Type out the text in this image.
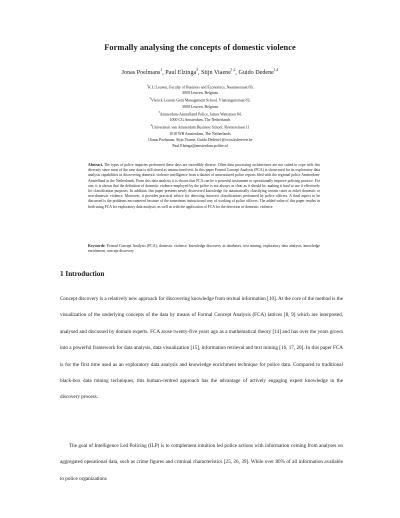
Formally analysing the concepts of domestic violence
Jonas Poelmans$^1$, Paul Elzinga$^3$, Stijn Viaene$^{1,2}$, Guido Dedene$^{1,4}$
$^1$K.U.Leuven, Faculty of Business and Economics, Naamsestraat 69,
3000 Leuven, Belgium
$^2$Vlerick Leuven Gent Management School, Vlamingenstraat 83,
3000 Leuven, Belgium
$^3$Amsterdam-Amstelland Police, James Wattstraat 84,
1000 CG Amsterdam, The Netherlands
$^4$Universiteit van Amsterdam Business School, Roetersstraat 11
1018 WB Amsterdam, The Netherlands
{Jonas.Poelmans, Stijn.Viaene, Guido.Dedene}@econ.kuleuven.be
Paul.Elzinga@amsterdam.politie.nl
Abstract. The types of police inquiries performed these days are incredibly diverse. Often data processing architectures are not suited to cope with this diversity since most of the case data is still stored as unstructured text. In this paper Formal Concept Analysis (FCA) is showcased for its exploratory data analysis capabilities in discovering domestic violence intelligence from a dataset of unstructured police reports filed with the regional police Amsterdam-Amstelland in the Netherlands. From this data analysis it is shown that FCA can be a powerful instrument to operationally improve policing practice. For one, it is shown that the definition of domestic violence employed by the police is not always as clear as it should be, making it hard to use it effectively for classification purposes. In addition, this paper presents newly discovered knowledge for automatically classifying certain cases as either domestic or non-domestic violence. Moreover, it provides practical advice for detecting incorrect classifications performed by police officers. A final aspect to be discussed is the problems encountered because of the sometimes instructional way of working of police officers. The added value of this paper resides in both using FCA for exploratory data analysis, as well as with the application of FCA for the detection of domestic violence.
Keywords: Formal Concept Analysis (FCA), domestic violence, knowledge discovery in databases, text mining, exploratory data analysis, knowledge enrichment, concept discovery
1 Introduction
Concept discovery is a relatively new approach for discovering knowledge from textual information [10]. At the core of the method is the visualization of the underlying concepts of the data by means of Formal Concept Analysis (FCA) lattices [8, 9] which are interpreted, analysed and discussed by domain experts. FCA arose twenty-five years ago as a mathematical theory [14] and has over the years grown into a powerful framework for data analysis, data visualization [15], information retrieval and text mining [16, 17, 20]. In this paper FCA is for the first time used as an exploratory data analysis and knowledge enrichment technique for police data. Compared to traditional black-box data mining techniques, this human-centred approach has the advantage of actively engaging expert knowledge in the discovery process.
The goal of Intelligence Led Policing (ILP) is to complement intuition led police actions with information coming from analyses on aggregated operational data, such as crime figures and criminal characteristics [25, 26, 39]. While over 80% of all information available to police organizations
